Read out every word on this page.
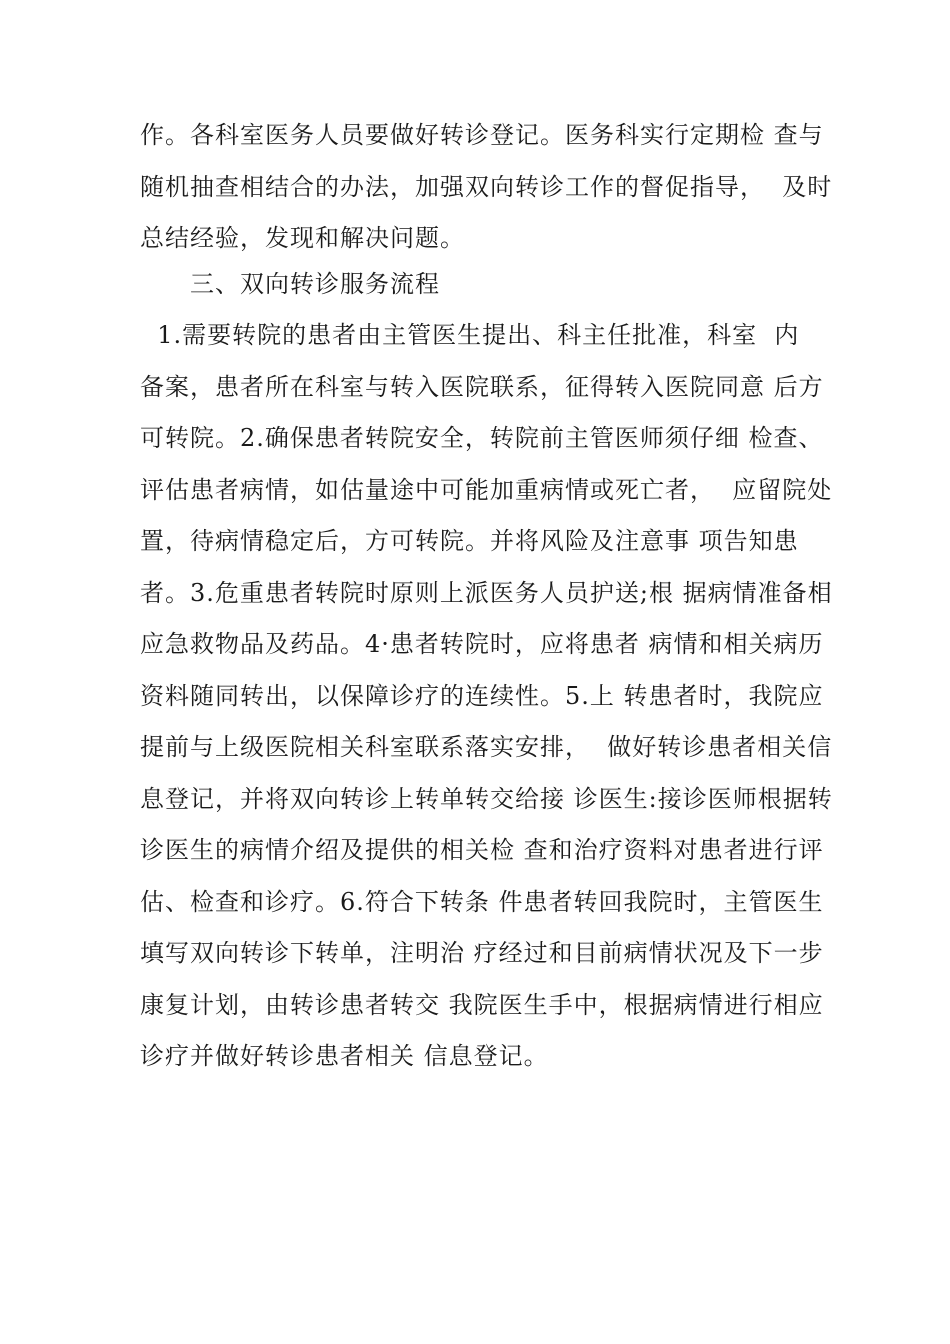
作。各科室医务人员要做好转诊登记。医务科实行定期检 查与
随机抽查相结合的办法，加强双向转诊工作的督促指导，  及时
总结经验，发现和解决问题。
三、双向转诊服务流程
1.需要转院的患者由主管医生提出、科主任批准，科室  内
备案，患者所在科室与转入医院联系，征得转入医院同意 后方
可转院。2.确保患者转院安全，转院前主管医师须仔细 检查、
评估患者病情，如估量途中可能加重病情或死亡者，  应留院处
置，待病情稳定后，方可转院。并将风险及注意事 项告知患
者。3.危重患者转院时原则上派医务人员护送;根 据病情准备相
应急救物品及药品。4·患者转院时，应将患者 病情和相关病历
资料随同转出，以保障诊疗的连续性。5.上 转患者时，我院应
提前与上级医院相关科室联系落实安排，  做好转诊患者相关信
息登记，并将双向转诊上转单转交给接 诊医生:接诊医师根据转
诊医生的病情介绍及提供的相关检 查和治疗资料对患者进行评
估、检查和诊疗。6.符合下转条 件患者转回我院时，主管医生
填写双向转诊下转单，注明治 疗经过和目前病情状况及下一步
康复计划，由转诊患者转交 我院医生手中，根据病情进行相应
诊疗并做好转诊患者相关 信息登记。
